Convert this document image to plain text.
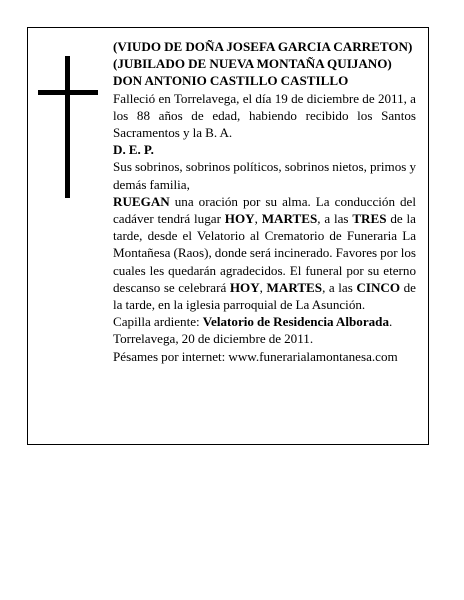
(VIUDO DE DOÑA JOSEFA GARCIA CARRETON) (JUBILADO DE NUEVA MONTAÑA QUIJANO)

DON ANTONIO CASTILLO CASTILLO

Falleció en Torrelavega, el día 19 de diciembre de 2011, a los 88 años de edad, habiendo recibido los Santos Sacramentos y la B. A.

D. E. P.

Sus sobrinos, sobrinos políticos, sobrinos nietos, primos y demás familia,

RUEGAN una oración por su alma. La conducción del cadáver tendrá lugar HOY, MARTES, a las TRES de la tarde, desde el Velatorio al Crematorio de Funeraria La Montañesa (Raos), donde será incinerado. Favores por los cuales les quedarán agradecidos. El funeral por su eterno descanso se celebrará HOY, MARTES, a las CINCO de la tarde, en la iglesia parroquial de La Asunción.

Capilla ardiente: Velatorio de Residencia Alborada.

Torrelavega, 20 de diciembre de 2011.

Pésames por internet: www.funerarialamontanesa.com
